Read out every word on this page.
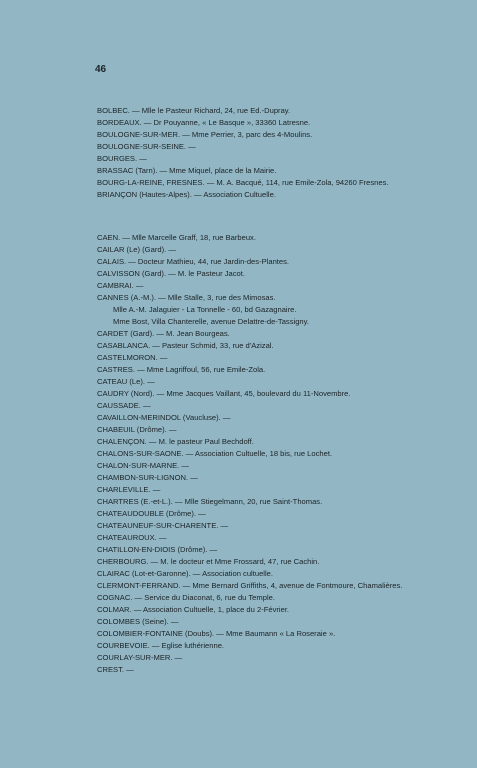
46
BOLBEC. — Mlle le Pasteur Richard, 24, rue Ed.-Dupray.
BORDEAUX. — Dr Pouyanne, « Le Basque », 33360 Latresne.
BOULOGNE-SUR-MER. — Mme Perrier, 3, parc des 4-Moulins.
BOULOGNE-SUR-SEINE. —
BOURGES. —
BRASSAC (Tarn). — Mme Miquel, place de la Mairie.
BOURG-LA-REINE, FRESNES. — M. A. Bacqué, 114, rue Emile-Zola, 94260 Fresnes.
BRIANÇON (Hautes-Alpes). — Association Cultuelle.
CAEN. — Mlle Marcelle Graff, 18, rue Barbeux.
CAILAR (Le) (Gard). —
CALAIS. — Docteur Mathieu, 44, rue Jardin-des-Plantes.
CALVISSON (Gard). — M. le Pasteur Jacot.
CAMBRAI. —
CANNES (A.-M.). — Mlle Stalle, 3, rue des Mimosas.
Mlle A.-M. Jalaguier - La Tonnelle - 60, bd Gazagnaire.
Mme Bost, Villa Chanterelle, avenue Delattre-de-Tassigny.
CARDET (Gard). — M. Jean Bourgeas.
CASABLANCA. — Pasteur Schmid, 33, rue d'Azizal.
CASTELMORON. —
CASTRES. — Mme Lagriffoul, 56, rue Emile-Zola.
CATEAU (Le). —
CAUDRY (Nord). — Mme Jacques Vaillant, 45, boulevard du 11-Novembre.
CAUSSADE. —
CAVAILLON-MERINDOL (Vaucluse). —
CHABEUIL (Drôme). —
CHALENÇON. — M. le pasteur Paul Bechdoff.
CHALONS-SUR-SAONE. — Association Cultuelle, 18 bis, rue Lochet.
CHALON-SUR-MARNE. —
CHAMBON-SUR-LIGNON. —
CHARLEVILLE. —
CHARTRES (E.-et-L.). — Mlle Stiegelmann, 20, rue Saint-Thomas.
CHATEAUDOUBLE (Drôme). —
CHATEAUNEUF-SUR-CHARENTE. —
CHATEAUROUX. —
CHATILLON-EN-DIOIS (Drôme). —
CHERBOURG. — M. le docteur et Mme Frossard, 47, rue Cachin.
CLAIRAC (Lot-et-Garonne). — Association cultuelle.
CLERMONT-FERRAND. — Mme Bernard Griffiths, 4, avenue de Fontmoure, Chamalières.
COGNAC. — Service du Diaconat, 6, rue du Temple.
COLMAR. — Association Cultuelle, 1, place du 2-Février.
COLOMBES (Seine). —
COLOMBIER-FONTAINE (Doubs). — Mme Baumann « La Roseraie ».
COURBEVOIE. — Eglise luthérienne.
COURLAY-SUR-MER. —
CREST. —
